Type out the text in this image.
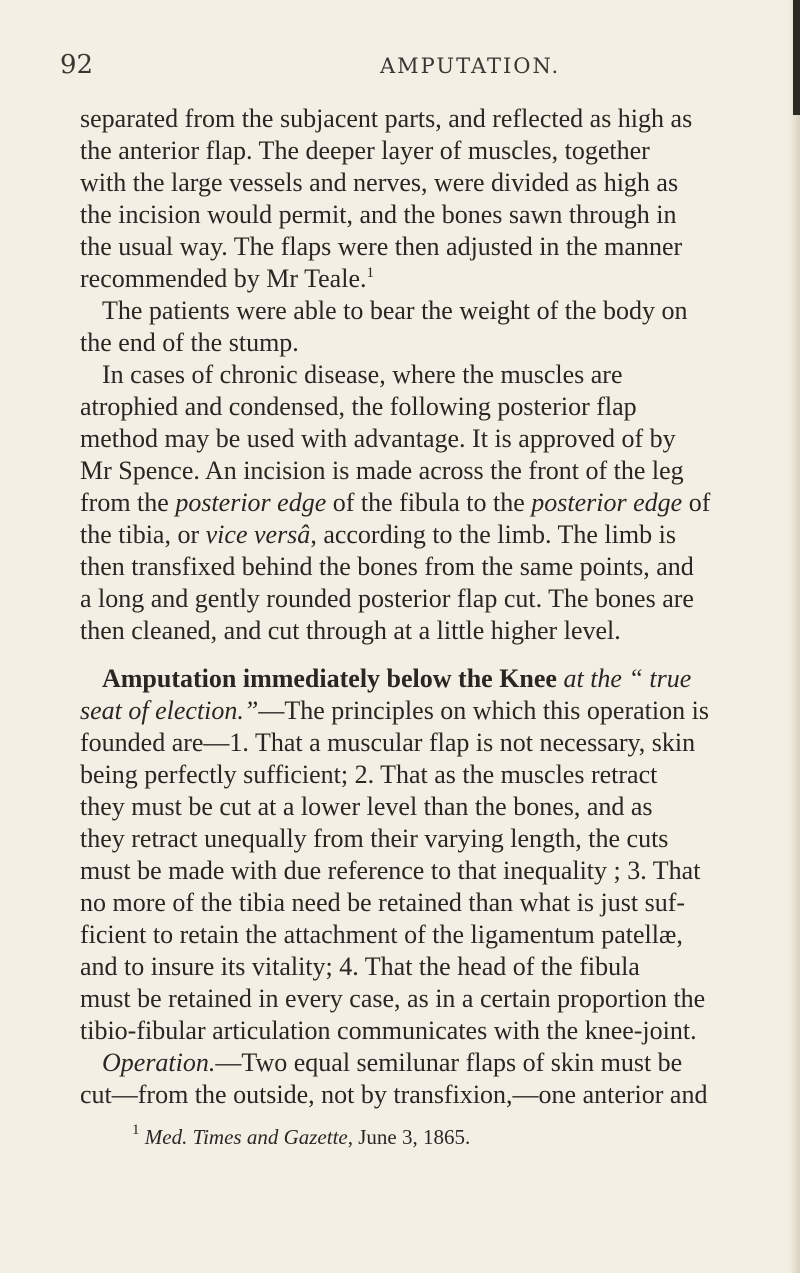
92	AMPUTATION.
separated from the subjacent parts, and reflected as high as
the anterior flap. The deeper layer of muscles, together
with the large vessels and nerves, were divided as high as
the incision would permit, and the bones sawn through in
the usual way. The flaps were then adjusted in the manner
recommended by Mr Teale.$^1$
The patients were able to bear the weight of the body on
the end of the stump.
In cases of chronic disease, where the muscles are
atrophied and condensed, the following posterior flap
method may be used with advantage. It is approved of by
Mr Spence. An incision is made across the front of the leg
from the posterior edge of the fibula to the posterior edge of
the tibia, or vice versâ, according to the limb. The limb is
then transfixed behind the bones from the same points, and
a long and gently rounded posterior flap cut. The bones are
then cleaned, and cut through at a little higher level.
Amputation immediately below the Knee at the “ true
seat of election.”—The principles on which this operation is
founded are—1. That a muscular flap is not necessary, skin
being perfectly sufficient; 2. That as the muscles retract
they must be cut at a lower level than the bones, and as
they retract unequally from their varying length, the cuts
must be made with due reference to that inequality ; 3. That
no more of the tibia need be retained than what is just suf-
ficient to retain the attachment of the ligamentum patellæ,
and to insure its vitality; 4. That the head of the fibula
must be retained in every case, as in a certain proportion the
tibio-fibular articulation communicates with the knee-joint.
Operation.—Two equal semilunar flaps of skin must be
cut—from the outside, not by transfixion,—one anterior and
$^1$ Med. Times and Gazette, June 3, 1865.
